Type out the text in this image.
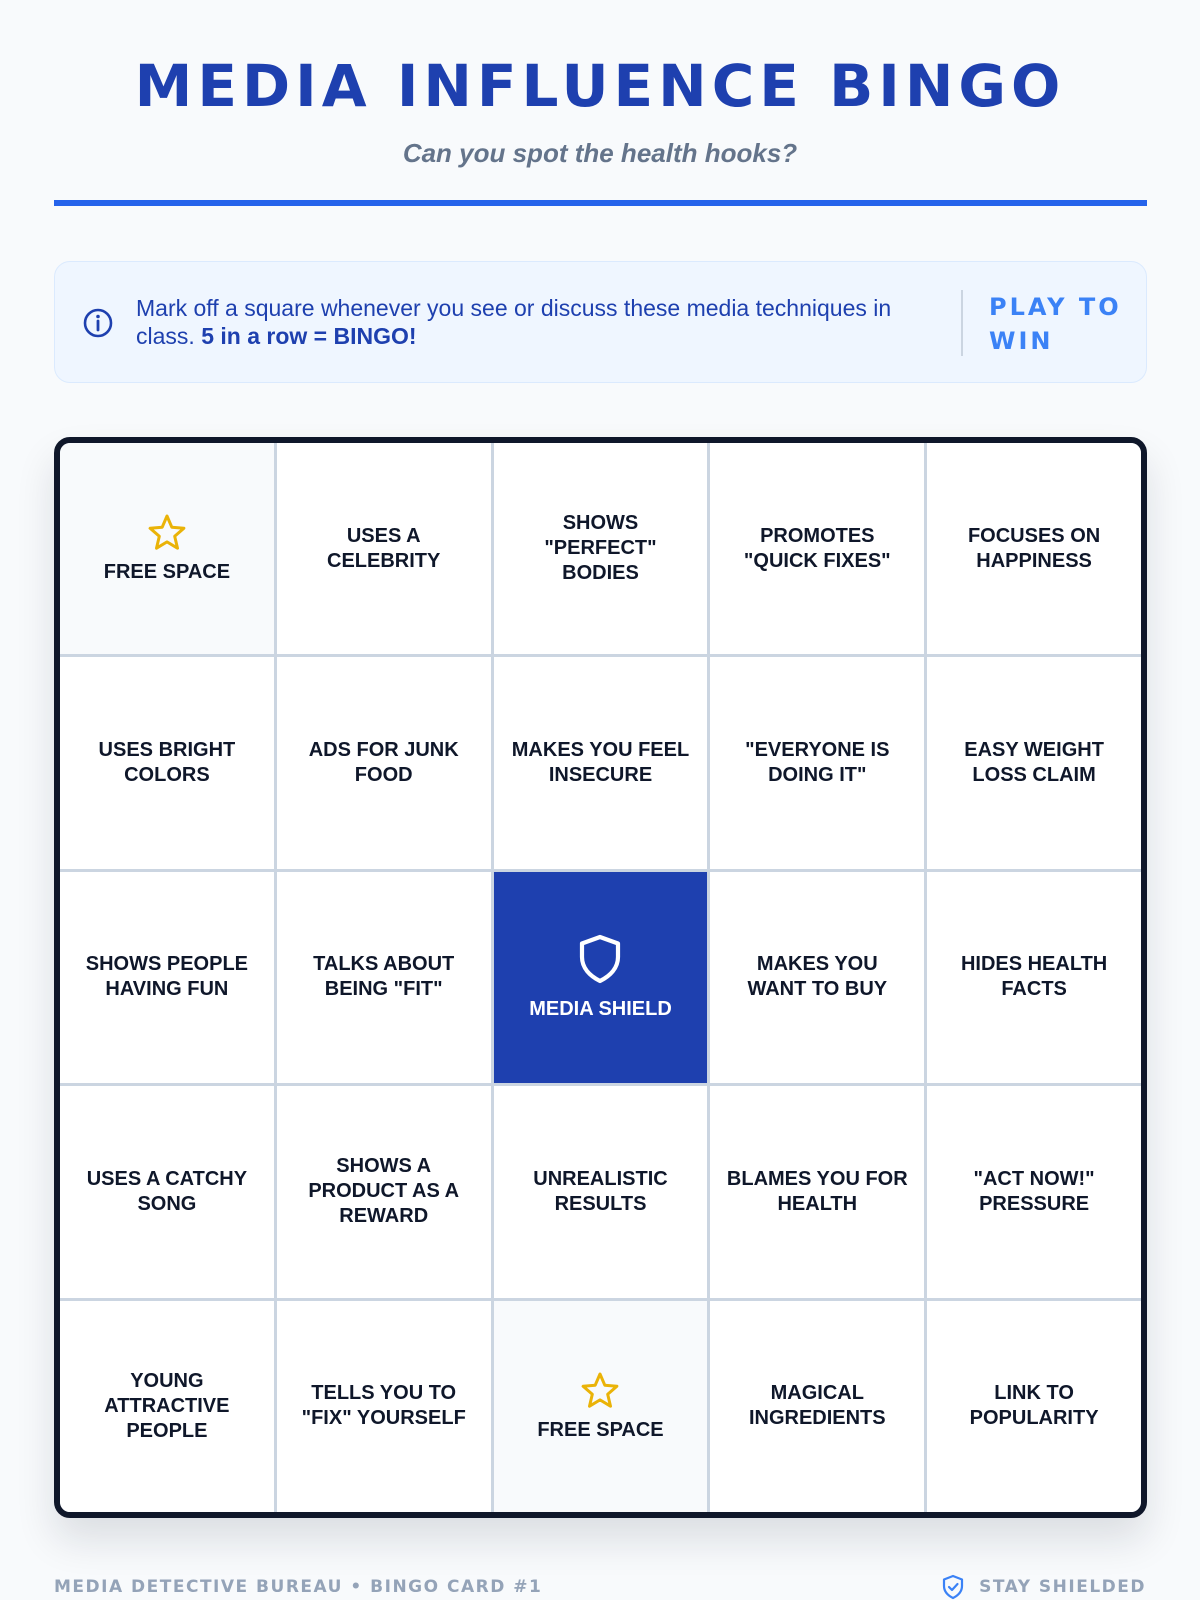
MEDIA INFLUENCE BINGO
Can you spot the health hooks?
Mark off a square whenever you see or discuss these media techniques in class. 5 in a row = BINGO!
PLAY TO WIN
FREE SPACE
USES A CELEBRITY
SHOWS "PERFECT" BODIES
PROMOTES "QUICK FIXES"
FOCUSES ON HAPPINESS
USES BRIGHT COLORS
ADS FOR JUNK FOOD
MAKES YOU FEEL INSECURE
"EVERYONE IS DOING IT"
EASY WEIGHT LOSS CLAIM
SHOWS PEOPLE HAVING FUN
TALKS ABOUT BEING "FIT"
MEDIA SHIELD
MAKES YOU WANT TO BUY
HIDES HEALTH FACTS
USES A CATCHY SONG
SHOWS A PRODUCT AS A REWARD
UNREALISTIC RESULTS
BLAMES YOU FOR HEALTH
"ACT NOW!" PRESSURE
YOUNG ATTRACTIVE PEOPLE
TELLS YOU TO "FIX" YOURSELF
FREE SPACE
MAGICAL INGREDIENTS
LINK TO POPULARITY
MEDIA DETECTIVE BUREAU • BINGO CARD #1	STAY SHIELDED
